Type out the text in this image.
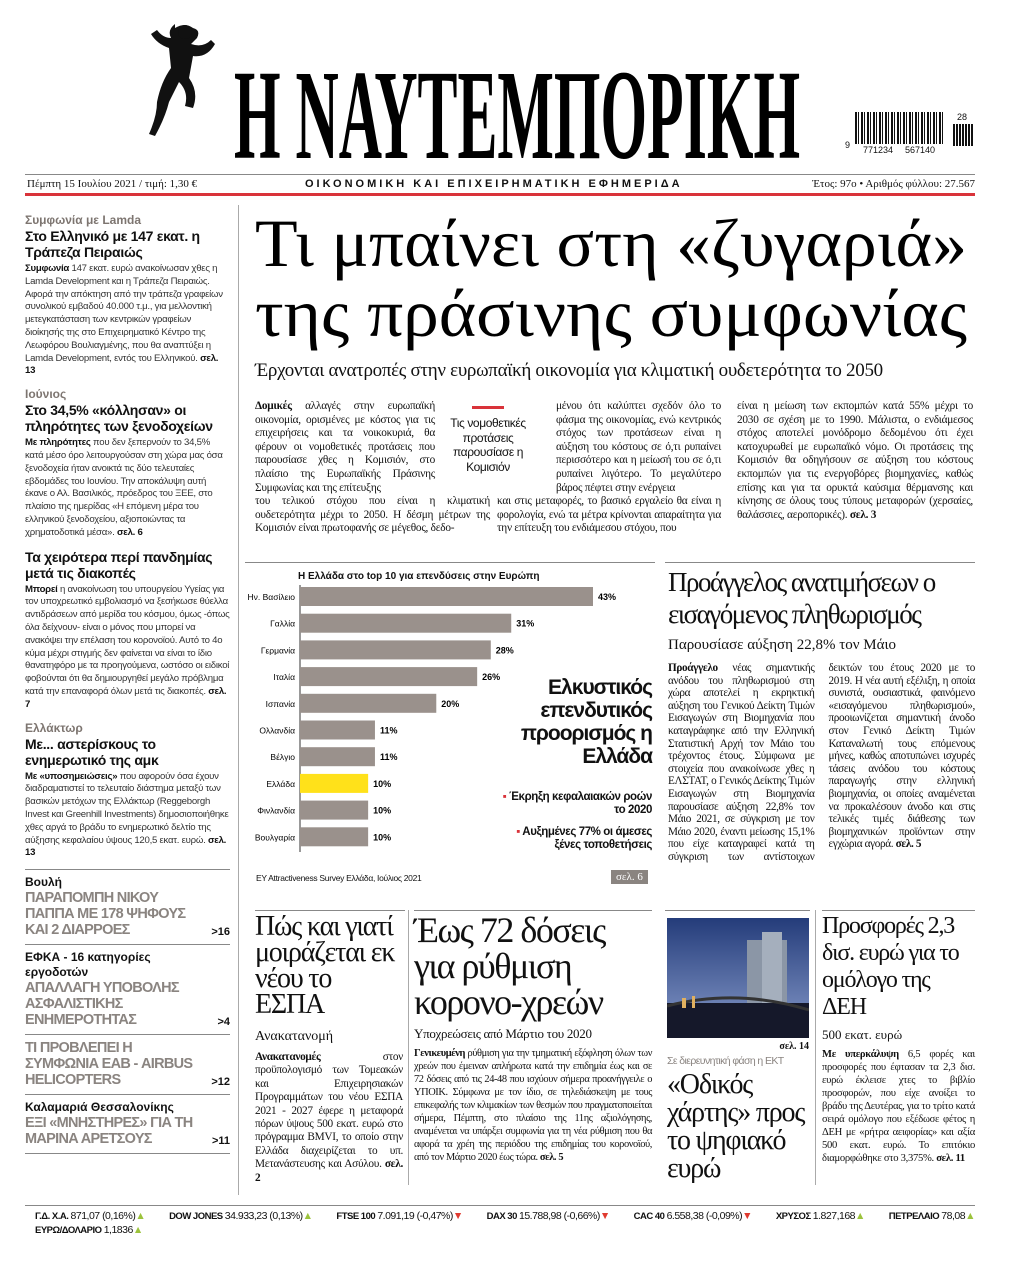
Η ΝΑΥΤΕΜΠΟΡΙΚΗ	9 771234 567140
28
Πέμπτη 15 Ιουλίου 2021 / τιμή: 1,30 €	ΟΙΚΟΝΟΜΙΚΗ ΚΑΙ ΕΠΙΧΕΙΡΗΜΑΤΙΚΗ ΕΦΗΜΕΡΙΔΑ	Έτος: 97ο • Αριθμός φύλλου: 27.567
Συμφωνία με Lamda
Στο Ελληνικό με 147 εκατ. η Τράπεζα Πειραιώς
Συμφωνία 147 εκατ. ευρώ ανακοίνωσαν χθες η Lamda Development και η Τράπεζα Πειραιώς. Αφορά την απόκτηση από την τράπεζα γραφείων συνολικού εμβαδού 40.000 τ.μ., για μελλοντική μετεγκατάσταση των κεντρικών γραφείων διοίκησής της στο Επιχειρηματικό Κέντρο της Λεωφόρου Βουλιαγμένης, που θα αναπτύξει η Lamda Development, εντός του Ελληνικού. σελ. 13
Ιούνιος
Στο 34,5% «κόλλησαν» οι πληρότητες των ξενοδοχείων
Με πληρότητες που δεν ξεπερνούν το 34,5% κατά μέσο όρο λειτουργούσαν στη χώρα μας όσα ξενοδοχεία ήταν ανοικτά τις δύο τελευταίες εβδομάδες του Ιουνίου. Την αποκάλυψη αυτή έκανε ο Αλ. Βασιλικός, πρόεδρος του ΞΕΕ, στο πλαίσιο της ημερίδας «Η επόμενη μέρα του ελληνικού ξενοδοχείου, αξιοποιώντας τα χρηματοδοτικά μέσα». σελ. 6
Τα χειρότερα περί πανδημίας μετά τις διακοπές
Μπορεί η ανακοίνωση του υπουργείου Υγείας για τον υποχρεωτικό εμβολιασμό να ξεσήκωσε θύελλα αντιδράσεων από μερίδα του κόσμου, όμως -όπως όλα δείχνουν- είναι ο μόνος που μπορεί να ανακόψει την επέλαση του κορονοϊού. Αυτό το 4ο κύμα μέχρι στιγμής δεν φαίνεται να είναι το ίδιο θανατηφόρο με τα προηγούμενα, ωστόσο οι ειδικοί φοβούνται ότι θα δημιουργηθεί μεγάλο πρόβλημα κατά την επαναφορά όλων μετά τις διακοπές. σελ. 7
Ελλάκτωρ
Με... αστερίσκους το ενημερωτικό της αμκ
Με «υποσημειώσεις» που αφορούν όσα έχουν διαδραματιστεί το τελευταίο διάστημα μεταξύ των βασικών μετόχων της Ελλάκτωρ (Reggeborgh Invest και Greenhill Investments) δημοσιοποιήθηκε χθες αργά το βράδυ το ενημερωτικό δελτίο της αύξησης κεφαλαίου ύψους 120,5 εκατ. ευρώ. σελ. 13
Βουλή
ΠΑΡΑΠΟΜΠΗ ΝΙΚΟΥ ΠΑΠΠΑ ΜΕ 178 ΨΗΦΟΥΣ ΚΑΙ 2 ΔΙΑΡΡΟΕΣ	>16
ΕΦΚΑ - 16 κατηγορίες εργοδοτών
ΑΠΑΛΛΑΓΗ ΥΠΟΒΟΛΗΣ ΑΣΦΑΛΙΣΤΙΚΗΣ ΕΝΗΜΕΡΟΤΗΤΑΣ	>4
ΤΙ ΠΡΟΒΛΕΠΕΙ Η ΣΥΜΦΩΝΙΑ ΕΑΒ - AIRBUS HELICOPTERS	>12
Καλαμαριά Θεσσαλονίκης
ΕΞΙ «ΜΝΗΣΤΗΡΕΣ» ΓΙΑ ΤΗ ΜΑΡΙΝΑ ΑΡΕΤΣΟΥΣ	>11
Τι μπαίνει στη «ζυγαριά»
της πράσινης συμφωνίας
Έρχονται ανατροπές στην ευρωπαϊκή οικονομία για κλιματική ουδετερότητα το 2050
Δομικές αλλαγές στην ευρωπαϊκή οικονομία, ορισμένες με κόστος για τις επιχειρήσεις και τα νοικοκυριά, θα φέρουν οι νομοθετικές προτάσεις που παρουσίασε χθες η Κομισιόν, στο πλαίσιο της Ευρωπαϊκής Πράσινης Συμφωνίας και της επίτευξης
Τις νομοθετικές προτάσεις παρουσίασε η Κομισιόν
μένου ότι καλύπτει σχεδόν όλο το φάσμα της οικονομίας, ενώ κεντρικός στόχος των προτάσεων είναι η αύξηση του κόστους σε ό,τι ρυπαίνει περισσότερο και η μείωσή του σε ό,τι ρυπαίνει λιγότερο. Το μεγαλύτερο βάρος πέφτει στην ενέργεια
του τελικού στόχου που είναι η κλιματική ουδετερότητα μέχρι το 2050. Η δέσμη μέτρων της Κομισιόν είναι πρωτοφανής σε μέγεθος, δεδο-
και στις μεταφορές, το βασικό εργαλείο θα είναι η φορολογία, ενώ τα μέτρα κρίνονται απαραίτητα για την επίτευξη του ενδιάμεσου στόχου, που
είναι η μείωση των εκπομπών κατά 55% μέχρι το 2030 σε σχέση με το 1990. Μάλιστα, ο ενδιάμεσος στόχος αποτελεί μονόδρομο δεδομένου ότι έχει κατοχυρωθεί με ευρωπαϊκό νόμο. Οι προτάσεις της Κομισιόν θα οδηγήσουν σε αύξηση του κόστους εκπομπών για τις ενεργοβόρες βιομηχανίες, καθώς επίσης και για τα ορυκτά καύσιμα θέρμανσης και κίνησης σε όλους τους τύπους μεταφορών (χερσαίες, θαλάσσιες, αεροπορικές). σελ. 3
Η Ελλάδα στο top 10 για επενδύσεις στην Ευρώπη
Ην. Βασίλειο	43%
Γαλλία	31%
Γερμανία	28%
Ιταλία	26%
Ισπανία	20%
Ολλανδία	11%
Βέλγιο	11%
Ελλάδα	10%
Φινλανδία	10%
Βουλγαρία	10%
Ελκυστικός επενδυτικός προορισμός η Ελλάδα
▪ Έκρηξη κεφαλαιακών ροών το 2020
▪ Αυξημένες 77% οι άμεσες ξένες τοποθετήσεις
EY Attractiveness Survey Ελλάδα, Ιούλιος 2021	σελ. 6
Προάγγελος ανατιμήσεων ο εισαγόμενος πληθωρισμός
Παρουσίασε αύξηση 22,8% τον Μάιο
Προάγγελο νέας σημαντικής ανόδου του πληθωρισμού στη χώρα αποτελεί η εκρηκτική αύξηση του Γενικού Δείκτη Τιμών Εισαγωγών στη Βιομηχανία που καταγράφηκε από την Ελληνική Στατιστική Αρχή τον Μάιο του τρέχοντος έτους. Σύμφωνα με στοιχεία που ανακοίνωσε χθες η ΕΛΣΤΑΤ, ο Γενικός Δείκτης Τιμών Εισαγωγών στη Βιομηχανία παρουσίασε αύξηση 22,8% τον Μάιο 2021, σε σύγκριση με τον Μάιο 2020, έναντι μείωσης 15,1% που είχε καταγραφεί κατά τη σύγκριση των αντίστοιχων δεικτών του έτους 2020 με το 2019. Η νέα αυτή εξέλιξη, η οποία συνιστά, ουσιαστικά, φαινόμενο «εισαγόμενου πληθωρισμού», προοιωνίζεται σημαντική άνοδο στον Γενικό Δείκτη Τιμών Καταναλωτή τους επόμενους μήνες, καθώς αποτυπώνει ισχυρές τάσεις ανόδου του κόστους παραγωγής στην ελληνική βιομηχανία, οι οποίες αναμένεται να προκαλέσουν άνοδο και στις τελικές τιμές διάθεσης των βιομηχανικών προϊόντων στην εγχώρια αγορά. σελ. 5
Πώς και γιατί μοιράζεται εκ νέου το ΕΣΠΑ
Ανακατανομή
Ανακατανομές στον προϋπολογισμό των Τομεακών και Επιχειρησιακών Προγραμμάτων του νέου ΕΣΠΑ 2021 - 2027 έφερε η μεταφορά πόρων ύψους 500 εκατ. ευρώ στο πρόγραμμα BMVI, το οποίο στην Ελλάδα διαχειρίζεται το υπ. Μετανάστευσης και Ασύλου. σελ. 2
Έως 72 δόσεις για ρύθμιση κορονο-χρεών
Υποχρεώσεις από Μάρτιο του 2020
Γενικευμένη ρύθμιση για την τμηματική εξόφληση όλων των χρεών που έμειναν απλήρωτα κατά την επιδημία έως και σε 72 δόσεις από τις 24-48 που ισχύουν σήμερα προανήγγειλε ο ΥΠΟΙΚ. Σύμφωνα με τον ίδιο, σε τηλεδιάσκεψη με τους επικεφαλής των κλιμακίων των θεσμών που πραγματοποιείται σήμερα, Πέμπτη, στο πλαίσιο της 11ης αξιολόγησης, αναμένεται να υπάρξει συμφωνία για τη νέα ρύθμιση που θα αφορά τα χρέη της περιόδου της επιδημίας του κορονοϊού, από τον Μάρτιο 2020 έως τώρα. σελ. 5
σελ. 14
Σε διερευνητική φάση η ΕΚΤ
«Οδικός χάρτης» προς το ψηφιακό ευρώ
Προσφορές 2,3 δισ. ευρώ για το ομόλογο της ΔΕΗ
500 εκατ. ευρώ
Με υπερκάλυψη 6,5 φορές και προσφορές που έφτασαν τα 2,3 δισ. ευρώ έκλεισε χτες το βιβλίο προσφορών, που είχε ανοίξει το βράδυ της Δευτέρας, για το τρίτο κατά σειρά ομόλογο που εξέδωσε φέτος η ΔΕΗ με «ρήτρα αειφορίας» και αξία 500 εκατ. ευρώ. Το επιτόκιο διαμορφώθηκε στο 3,375%. σελ. 11
Γ.Δ. Χ.Α. 871,07 (0,16%)▲	DOW JONES 34.933,23 (0,13%)▲	FTSE 100 7.091,19 (-0,47%)▼	DAX 30 15.788,98 (-0,66%)▼	CAC 40 6.558,38 (-0,09%)▼	ΧΡΥΣΟΣ 1.827,168▲	ΠΕΤΡΕΛΑΙΟ 78,08▲
ΕΥΡΩ/ΔΟΛΑΡΙΟ 1,1836▲
